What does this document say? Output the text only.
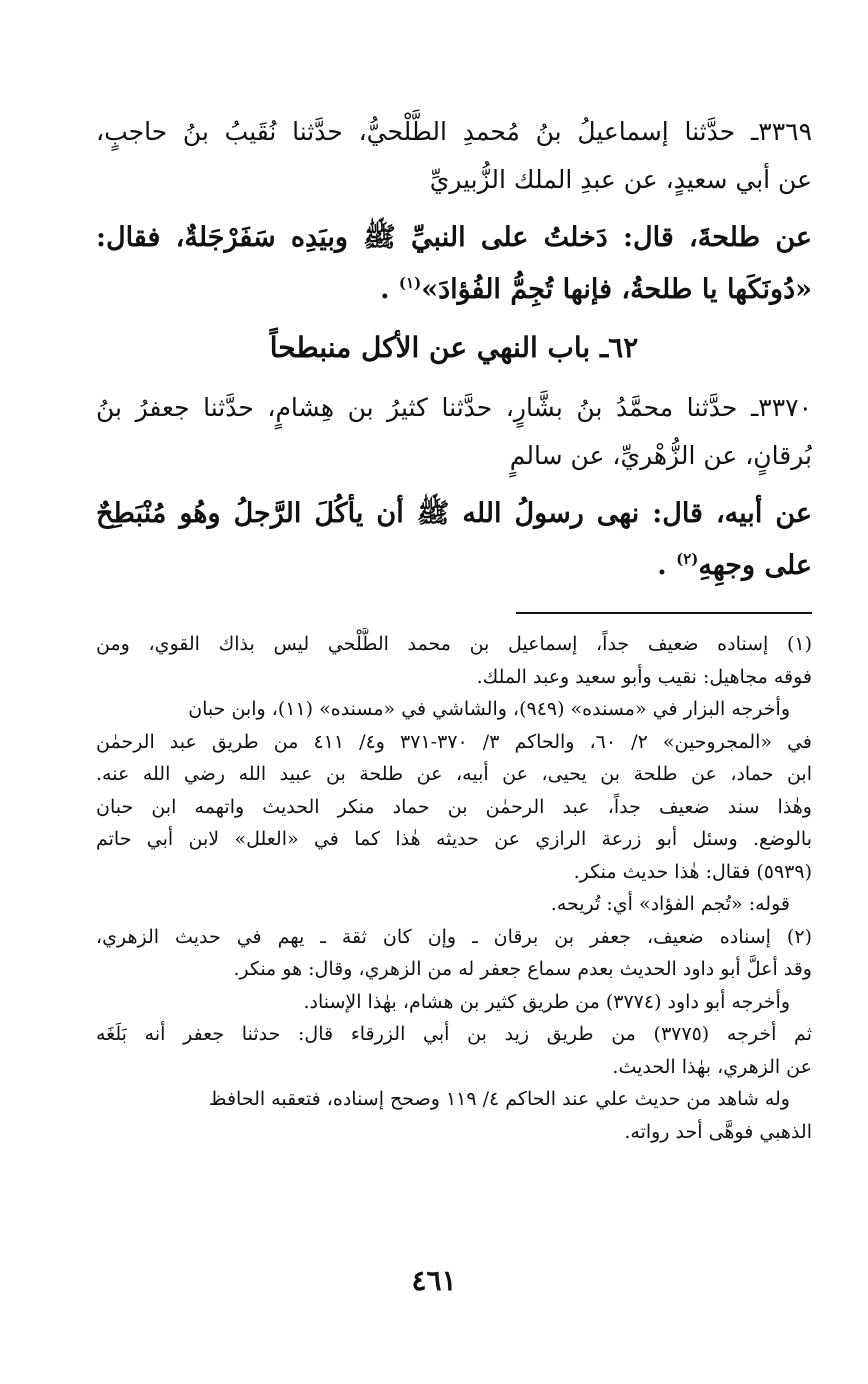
٣٣٦٩ـ حدَّثنا إسماعيلُ بنُ مُحمدِ الطَّلْحيُّ، حدَّثنا نُقَيبُ بنُ حاجبٍ،
عن أبي سعيدٍ، عن عبدِ الملك الزُّبيريِّ
عن طلحةَ، قال: دَخلتُ على النبيِّ ﷺ وبيَدِه سَفَرْجَلةٌ، فقال:
«دُونَكَها يا طلحةُ، فإنها تُجِمُّ الفُؤادَ»$^{(١)}$ .
٦٢ـ باب النهي عن الأكل منبطحاً
٣٣٧٠ـ حدَّثنا محمَّدُ بنُ بشَّارٍ، حدَّثنا كثيرُ بن هِشامٍ، حدَّثنا جعفرُ بنُ
بُرقانٍ، عن الزُّهْريِّ، عن سالمٍ
عن أبيه، قال: نهى رسولُ الله ﷺ أن يأكُلَ الرَّجلُ وهُو مُنْبَطِحٌ
على وجهِهِ$^{(٢)}$ .
(١) إسناده ضعيف جداً، إسماعيل بن محمد الطَّلْحي ليس بذاك القوي، ومن
فوقه مجاهيل: نقيب وأبو سعيد وعبد الملك.
وأخرجه البزار في «مسنده» (٩٤٩)، والشاشي في «مسنده» (١١)، وابن حبان
في «المجروحين» ٢/ ٦٠، والحاكم ٣/ ٣٧٠-٣٧١ و٤/ ٤١١ من طريق عبد الرحمٰن
ابن حماد، عن طلحة بن يحيى، عن أبيه، عن طلحة بن عبيد الله رضي الله عنه.
وهٰذا سند ضعيف جداً، عبد الرحمٰن بن حماد منكر الحديث واتهمه ابن حبان
بالوضع. وسئل أبو زرعة الرازي عن حديثه هٰذا كما في «العلل» لابن أبي حاتم
(٥٩٣٩) فقال: هٰذا حديث منكر.
قوله: «تُجم الفؤاد» أي: تُريحه.
(٢) إسناده ضعيف، جعفر بن برقان ـ وإن كان ثقة ـ يهم في حديث الزهري،
وقد أعلَّ أبو داود الحديث بعدم سماع جعفر له من الزهري، وقال: هو منكر.
وأخرجه أبو داود (٣٧٧٤) من طريق كثير بن هشام، بهٰذا الإسناد.
ثم أخرجه (٣٧٧٥) من طريق زيد بن أبي الزرقاء قال: حدثنا جعفر أنه بَلَغَه
عن الزهري، بهٰذا الحديث.
وله شاهد من حديث علي عند الحاكم ٤/ ١١٩ وصحح إسناده، فتعقبه الحافظ
الذهبي فوهَّى أحد رواته.
٤٦١
